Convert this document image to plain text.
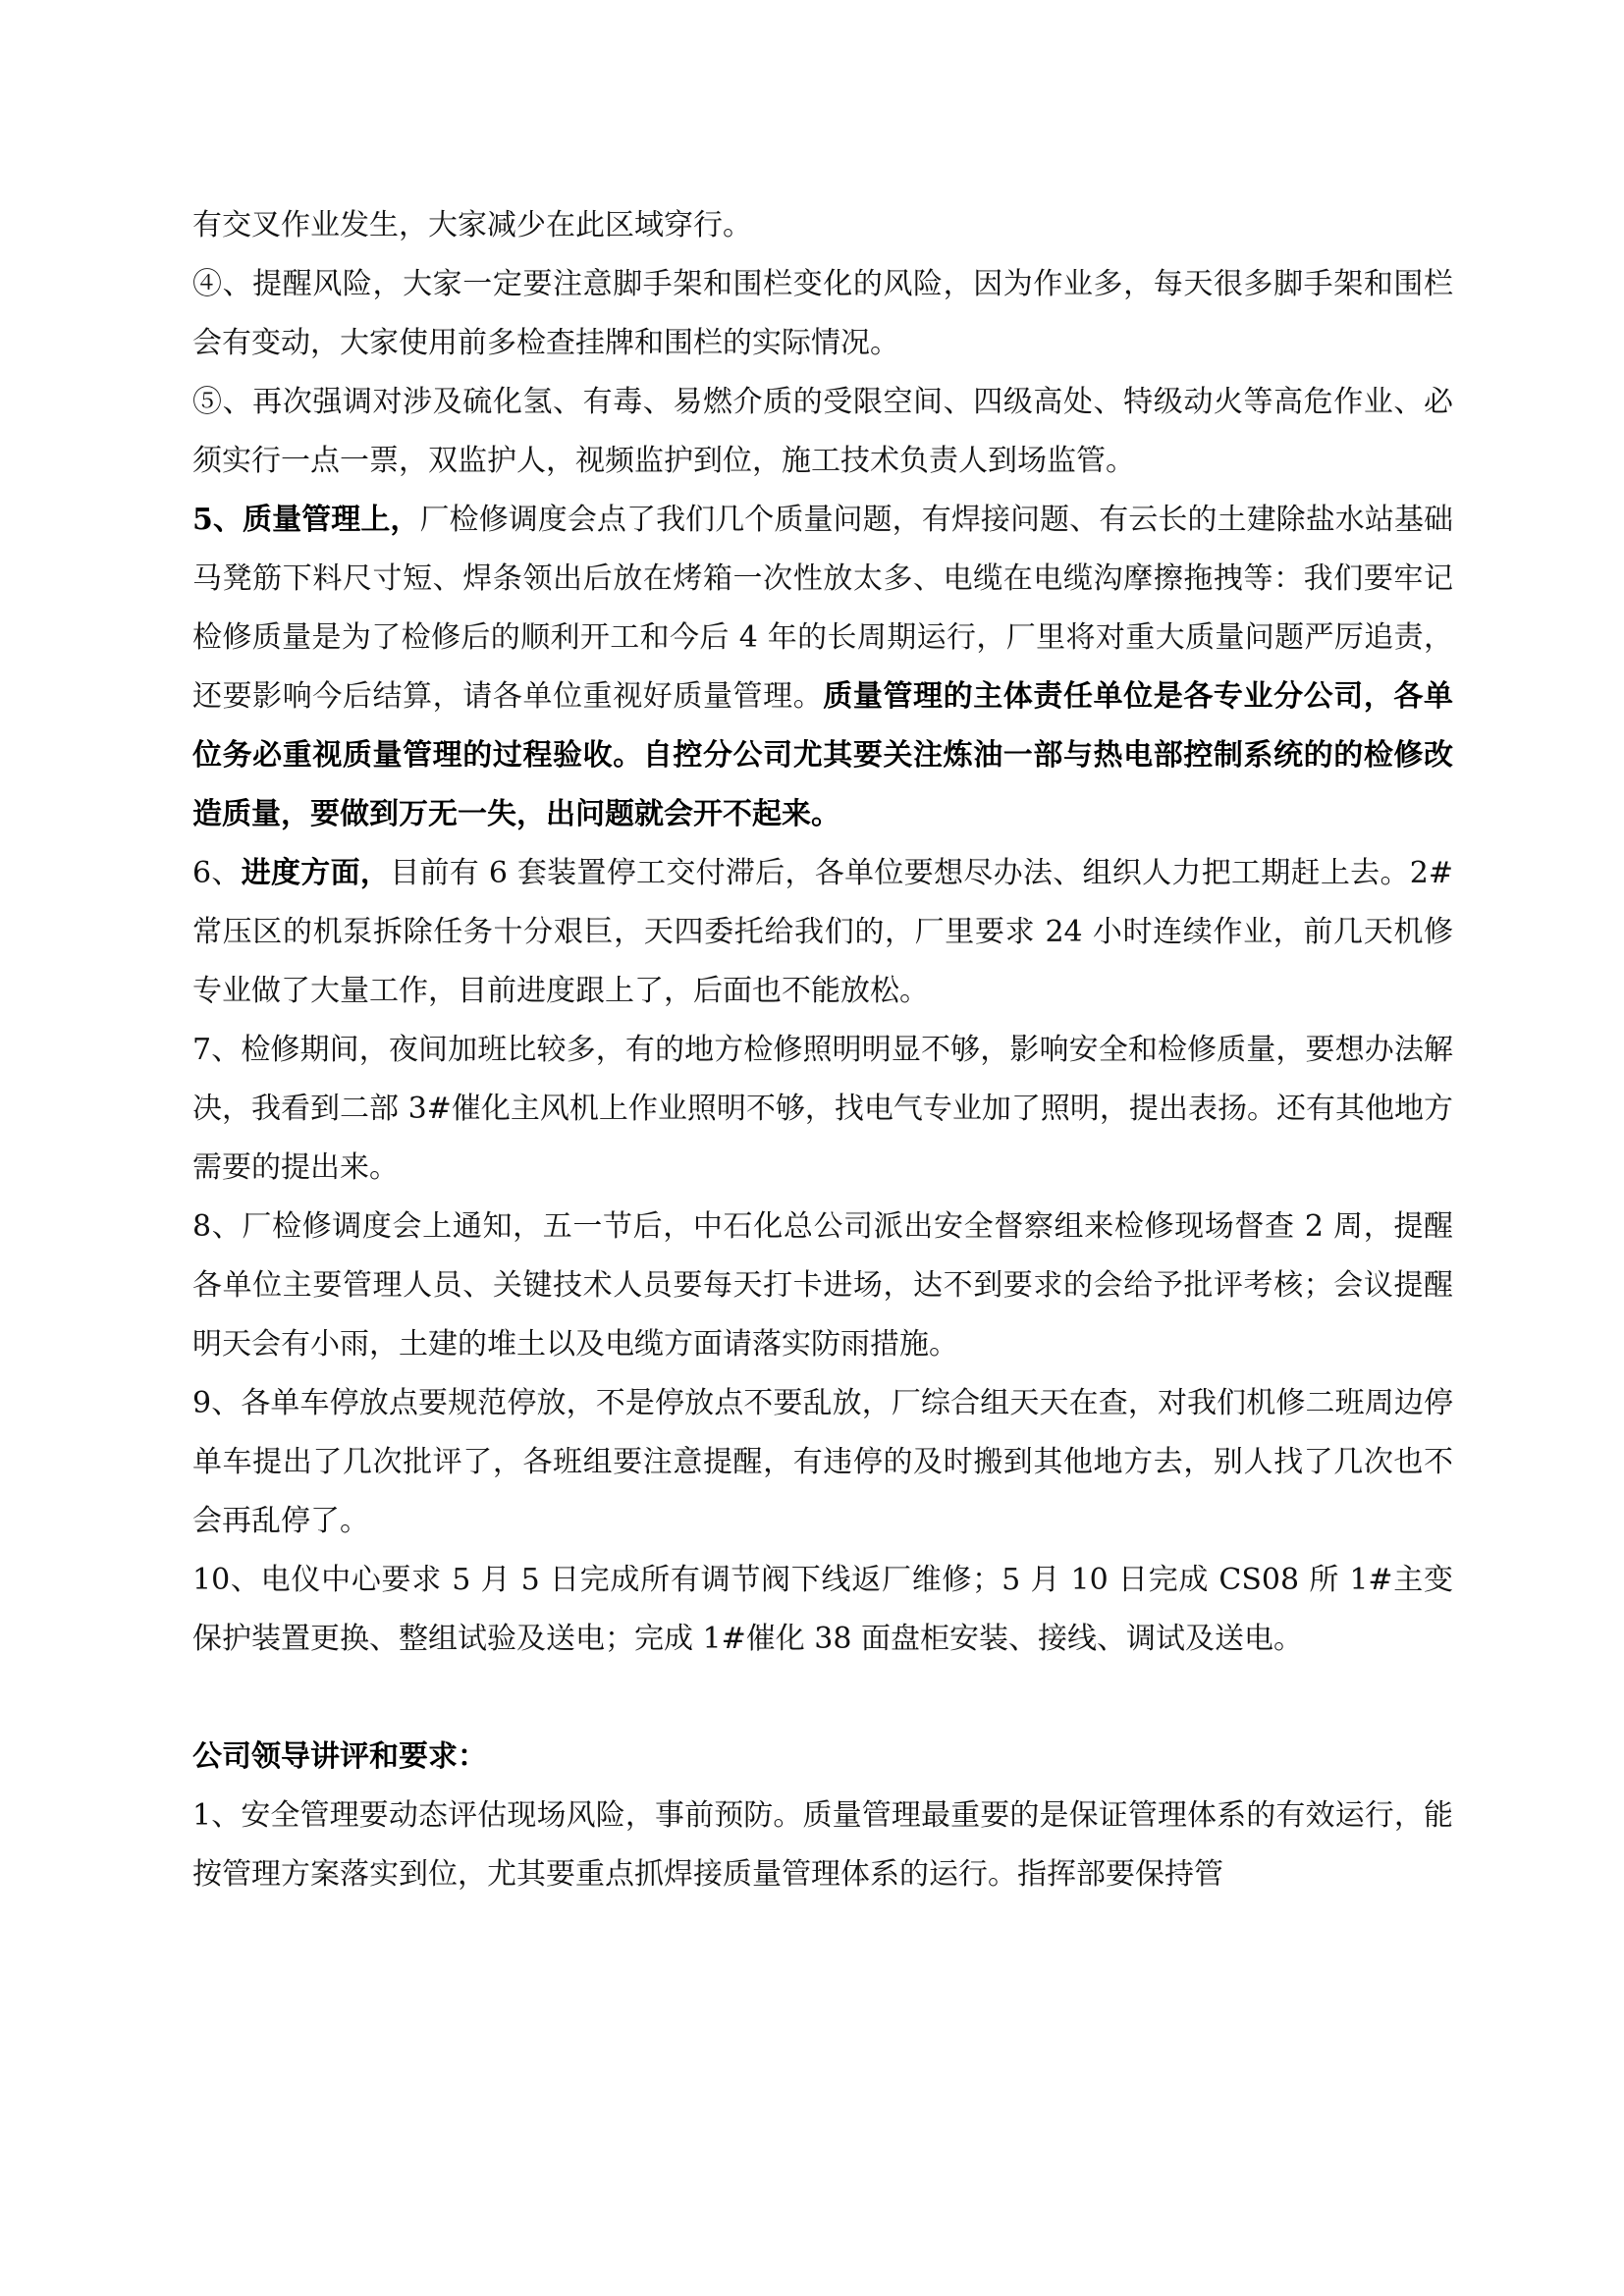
有交叉作业发生，大家减少在此区域穿行。

④、提醒风险，大家一定要注意脚手架和围栏变化的风险，因为作业多，每天很多脚手架和围栏会有变动，大家使用前多检查挂牌和围栏的实际情况。

⑤、再次强调对涉及硫化氢、有毒、易燃介质的受限空间、四级高处、特级动火等高危作业、必须实行一点一票，双监护人，视频监护到位，施工技术负责人到场监管。

5、质量管理上，厂检修调度会点了我们几个质量问题，有焊接问题、有云长的土建除盐水站基础马凳筋下料尺寸短、焊条领出后放在烤箱一次性放太多、电缆在电缆沟摩擦拖拽等：我们要牢记检修质量是为了检修后的顺利开工和今后 4 年的长周期运行，厂里将对重大质量问题严厉追责，还要影响今后结算，请各单位重视好质量管理。质量管理的主体责任单位是各专业分公司，各单位务必重视质量管理的过程验收。自控分公司尤其要关注炼油一部与热电部控制系统的的检修改造质量，要做到万无一失，出问题就会开不起来。

6、进度方面，目前有 6 套装置停工交付滞后，各单位要想尽办法、组织人力把工期赶上去。2#常压区的机泵拆除任务十分艰巨，天四委托给我们的，厂里要求 24 小时连续作业，前几天机修专业做了大量工作，目前进度跟上了，后面也不能放松。

7、检修期间，夜间加班比较多，有的地方检修照明明显不够，影响安全和检修质量，要想办法解决，我看到二部 3#催化主风机上作业照明不够，找电气专业加了照明，提出表扬。还有其他地方需要的提出来。

8、厂检修调度会上通知，五一节后，中石化总公司派出安全督察组来检修现场督查 2 周，提醒各单位主要管理人员、关键技术人员要每天打卡进场，达不到要求的会给予批评考核；会议提醒明天会有小雨，土建的堆土以及电缆方面请落实防雨措施。

9、各单车停放点要规范停放，不是停放点不要乱放，厂综合组天天在查，对我们机修二班周边停单车提出了几次批评了，各班组要注意提醒，有违停的及时搬到其他地方去，别人找了几次也不会再乱停了。

10、电仪中心要求 5 月 5 日完成所有调节阀下线返厂维修；5 月 10 日完成 CS08 所 1#主变保护装置更换、整组试验及送电；完成 1#催化 38 面盘柜安装、接线、调试及送电。

公司领导讲评和要求：

1、安全管理要动态评估现场风险，事前预防。质量管理最重要的是保证管理体系的有效运行，能按管理方案落实到位，尤其要重点抓焊接质量管理体系的运行。指挥部要保持管
